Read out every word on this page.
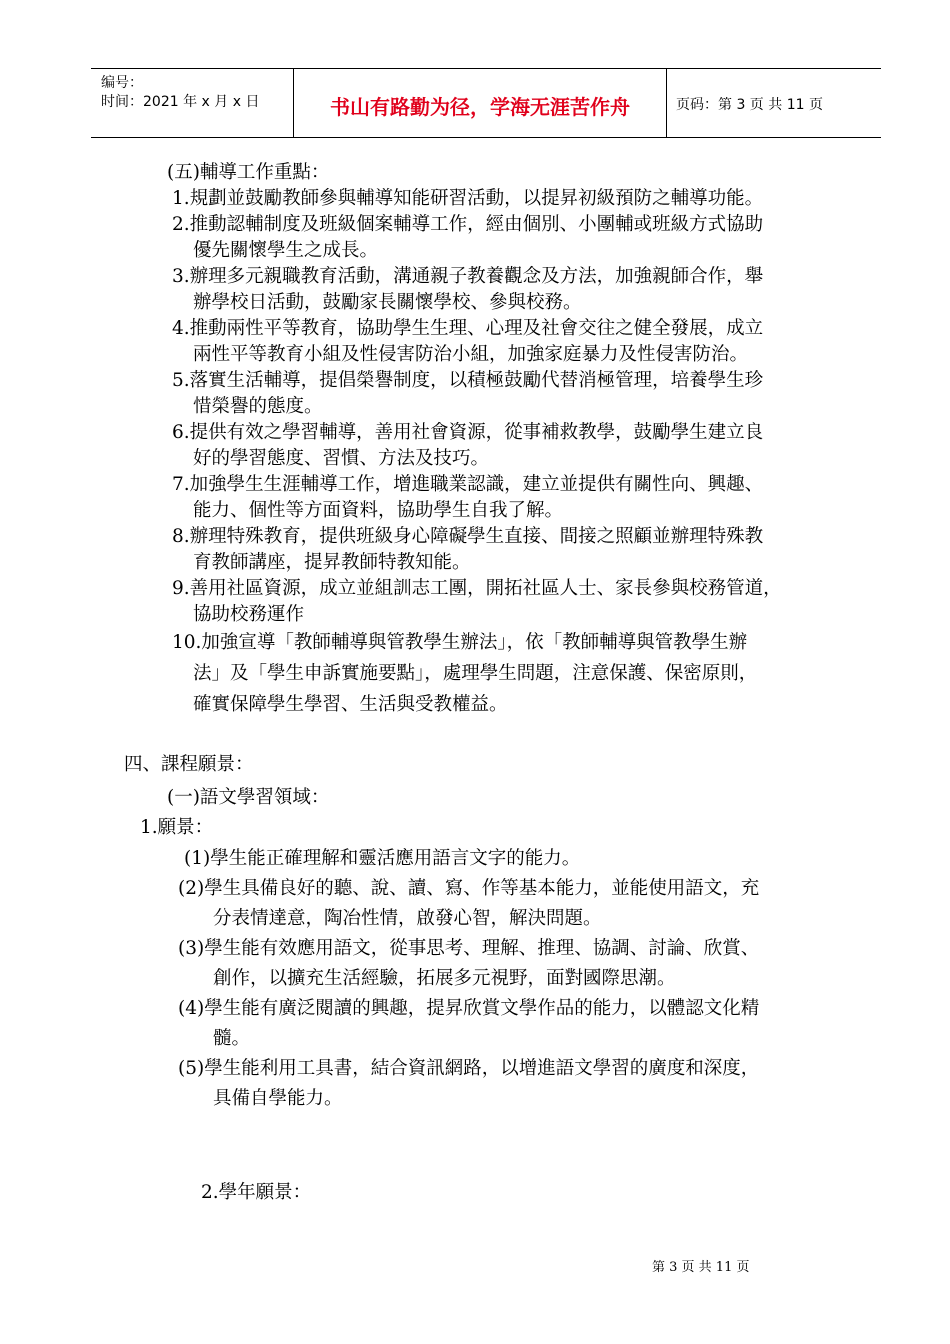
编号：
时间：2021 年 x 月 x 日	书山有路勤为径，学海无涯苦作舟	页码：第 3 页 共 11 页
(五)輔導工作重點：
1.規劃並鼓勵教師參與輔導知能研習活動，以提昇初級預防之輔導功能。
2.推動認輔制度及班級個案輔導工作，經由個別、小團輔或班級方式協助
優先關懷學生之成長。
3.辦理多元親職教育活動，溝通親子教養觀念及方法，加強親師合作，舉
辦學校日活動，鼓勵家長關懷學校、參與校務。
4.推動兩性平等教育，協助學生生理、心理及社會交往之健全發展，成立
兩性平等教育小組及性侵害防治小組，加強家庭暴力及性侵害防治。
5.落實生活輔導，提倡榮譽制度，以積極鼓勵代替消極管理，培養學生珍
惜榮譽的態度。
6.提供有效之學習輔導，善用社會資源，從事補救教學，鼓勵學生建立良
好的學習態度、習慣、方法及技巧。
7.加強學生生涯輔導工作，增進職業認識，建立並提供有關性向、興趣、
能力、個性等方面資料，協助學生自我了解。
8.辦理特殊教育，提供班級身心障礙學生直接、間接之照顧並辦理特殊教
育教師講座，提昇教師特教知能。
9.善用社區資源，成立並組訓志工團，開拓社區人士、家長參與校務管道，
協助校務運作
10.加強宣導「教師輔導與管教學生辦法」，依「教師輔導與管教學生辦
法」及「學生申訴實施要點」，處理學生問題，注意保護、保密原則，
確實保障學生學習、生活與受教權益。
四、課程願景：
(一)語文學習領域：
1.願景：
(1)學生能正確理解和靈活應用語言文字的能力。
(2)學生具備良好的聽、說、讀、寫、作等基本能力，並能使用語文，充
分表情達意，陶冶性情，啟發心智，解決問題。
(3)學生能有效應用語文，從事思考、理解、推理、協調、討論、欣賞、
創作，以擴充生活經驗，拓展多元視野，面對國際思潮。
(4)學生能有廣泛閱讀的興趣，提昇欣賞文學作品的能力，以體認文化精
髓。
(5)學生能利用工具書，結合資訊網路，以增進語文學習的廣度和深度，
具備自學能力。
2.學年願景：
第 3 页 共 11 页
